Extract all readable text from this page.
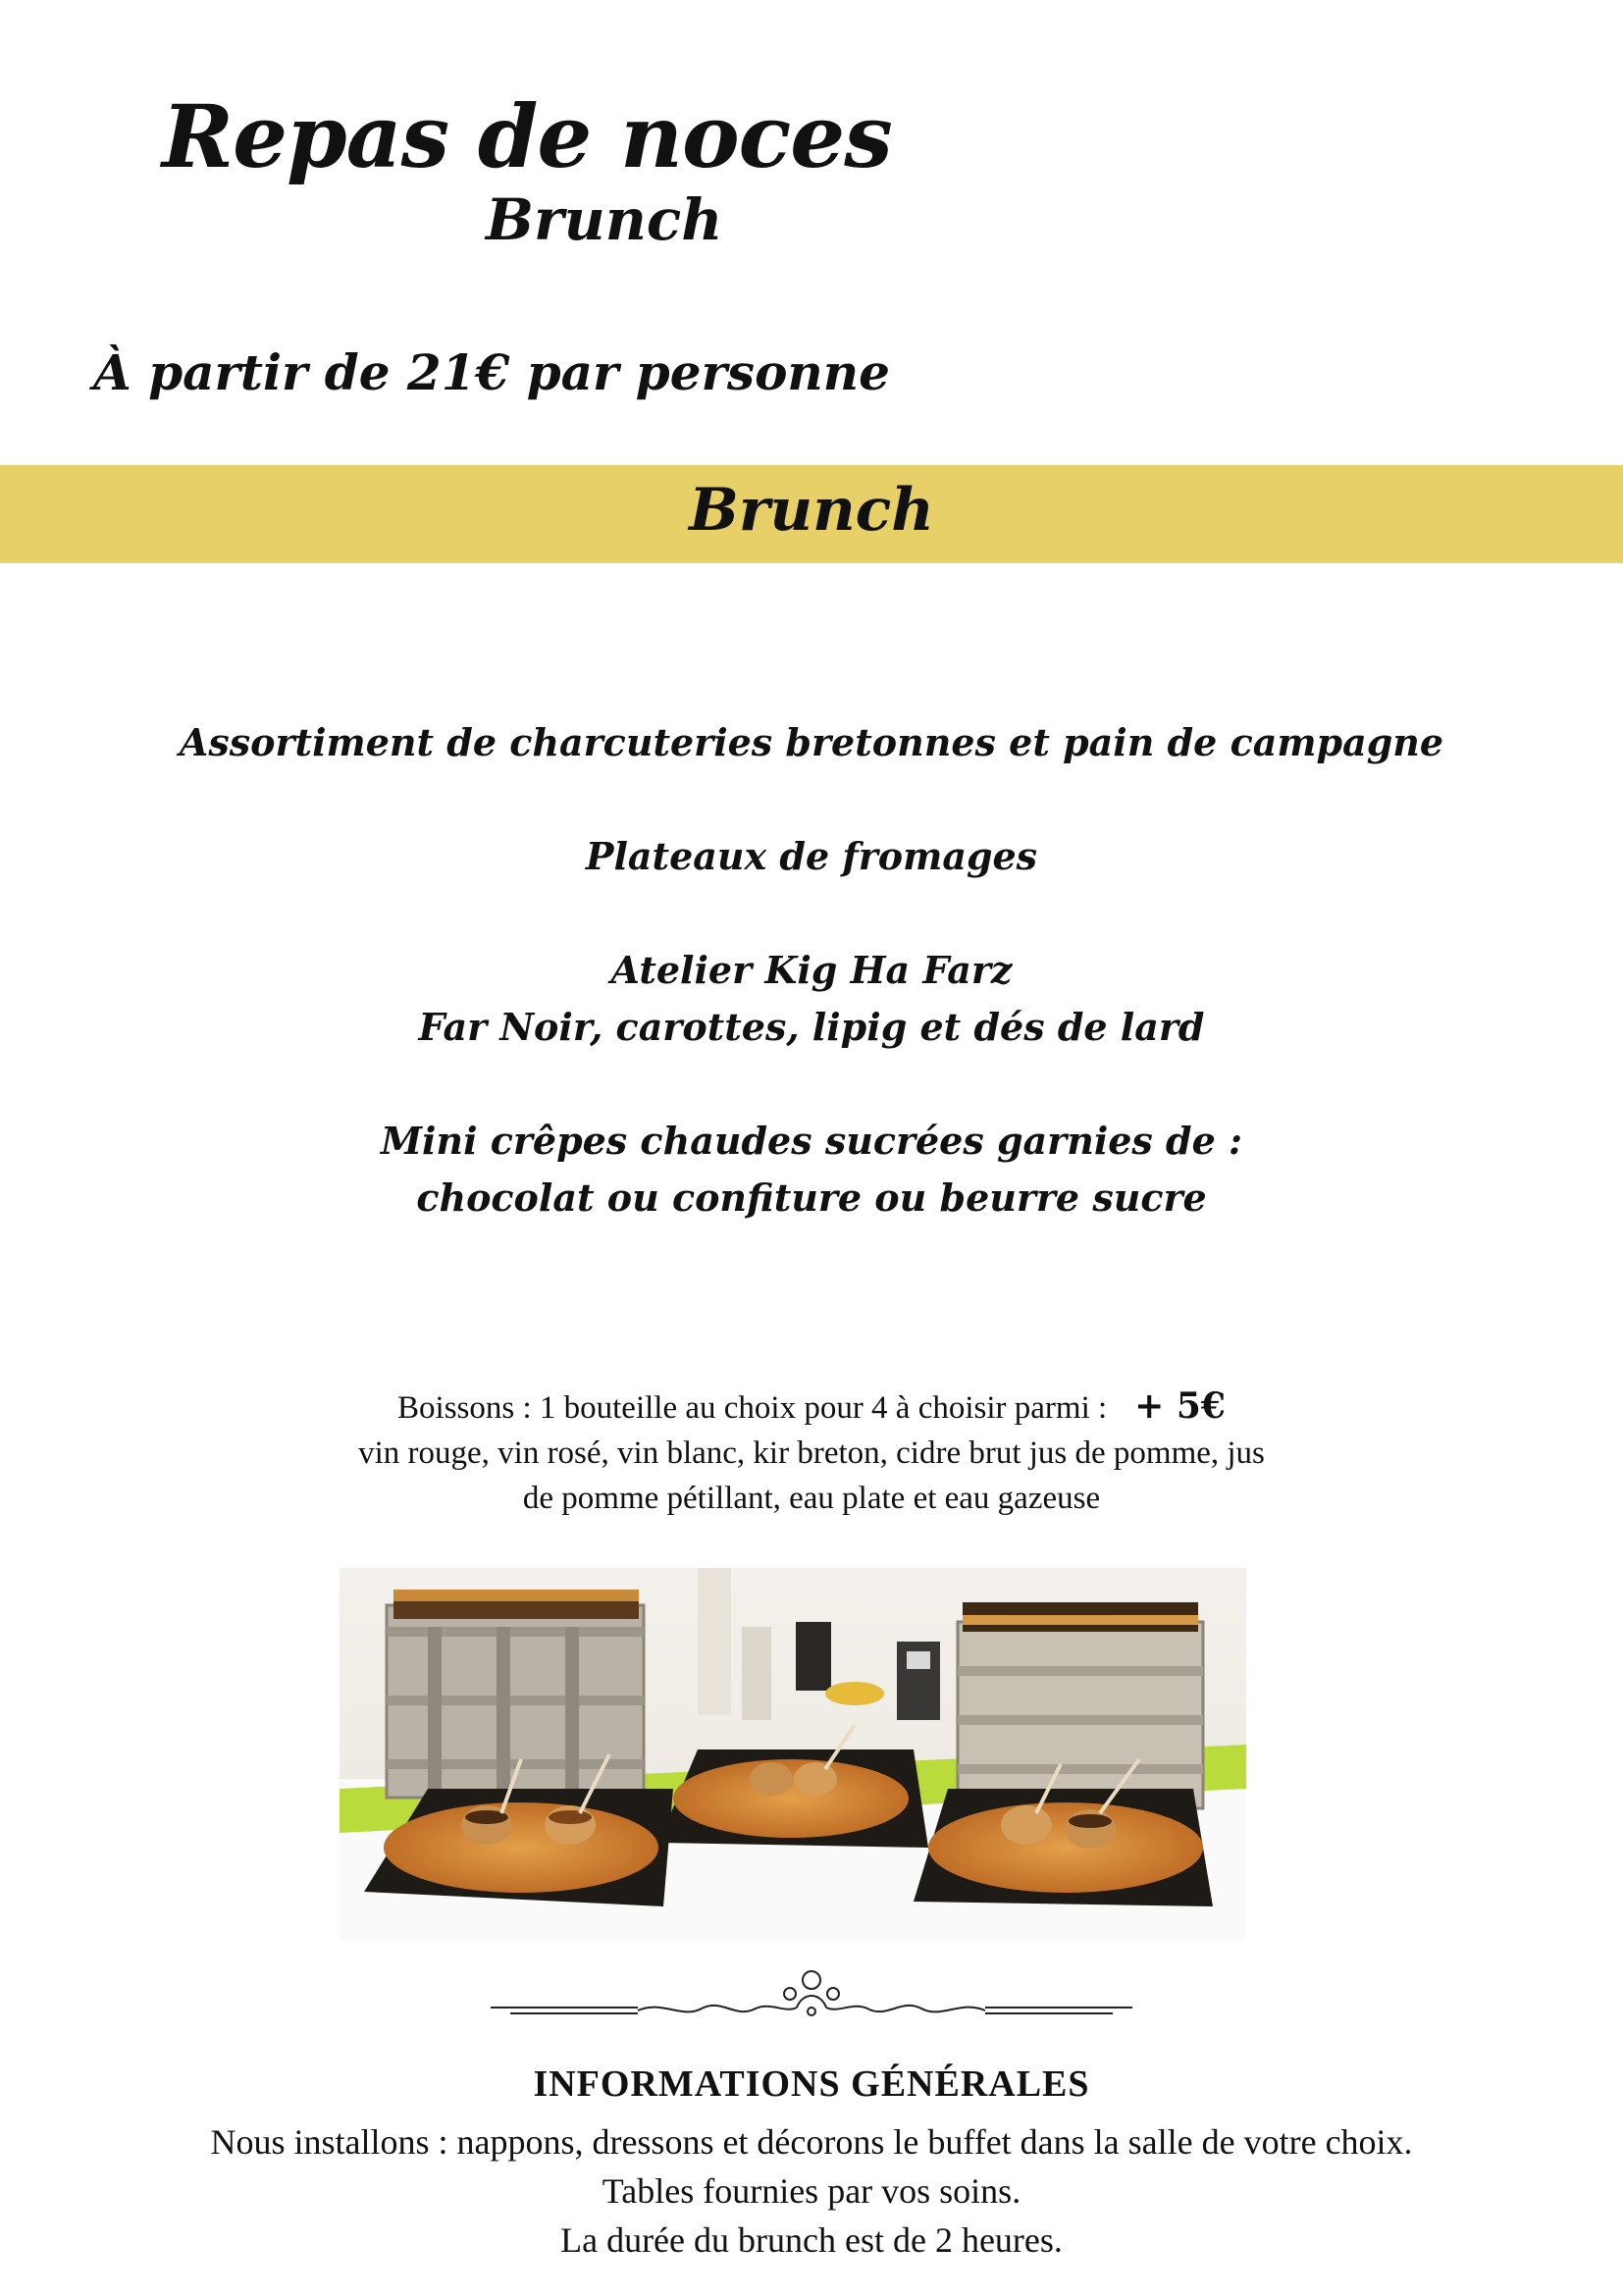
Repas de noces
Brunch
À partir de 21€ par personne
Brunch
Assortiment de charcuteries bretonnes et pain de campagne
Plateaux de fromages
Atelier Kig Ha Farz
Far Noir, carottes, lipig et dés de lard
Mini crêpes chaudes sucrées garnies de :
chocolat ou confiture ou beurre sucre
Boissons : 1 bouteille au choix pour 4 à choisir parmi : + 5€
vin rouge, vin rosé, vin blanc, kir breton, cidre brut jus de pomme, jus
de pomme pétillant, eau plate et eau gazeuse
INFORMATIONS GÉNÉRALES
Nous installons : nappons, dressons et décorons le buffet dans la salle de votre choix.
Tables fournies par vos soins.
La durée du brunch est de 2 heures.
